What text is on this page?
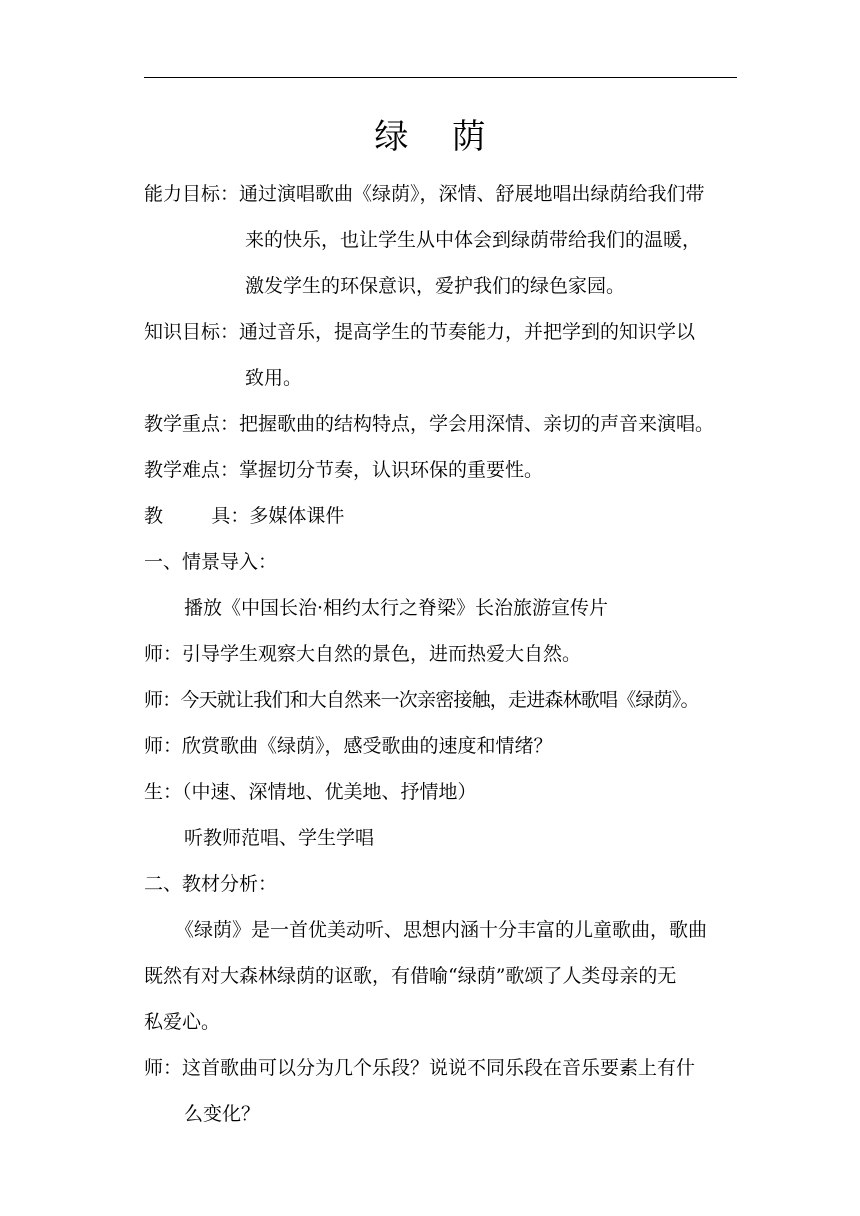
绿    荫
能力目标：通过演唱歌曲《绿荫》，深情、舒展地唱出绿荫给我们带
来的快乐，也让学生从中体会到绿荫带给我们的温暖，
激发学生的环保意识，爱护我们的绿色家园。
知识目标：通过音乐，提高学生的节奏能力，并把学到的知识学以
致用。
教学重点：把握歌曲的结构特点，学会用深情、亲切的声音来演唱。
教学难点：掌握切分节奏，认识环保的重要性。
教        具：多媒体课件
一、情景导入：
播放《中国长治·相约太行之脊梁》长治旅游宣传片
师：引导学生观察大自然的景色，进而热爱大自然。
师：今天就让我们和大自然来一次亲密接触，走进森林歌唱《绿荫》。
师：欣赏歌曲《绿荫》，感受歌曲的速度和情绪？
生：（中速、深情地、优美地、抒情地）
听教师范唱、学生学唱
二、教材分析：
《绿荫》是一首优美动听、思想内涵十分丰富的儿童歌曲，歌曲
既然有对大森林绿荫的讴歌，有借喻“绿荫”歌颂了人类母亲的无
私爱心。
师：这首歌曲可以分为几个乐段？说说不同乐段在音乐要素上有什
么变化？
